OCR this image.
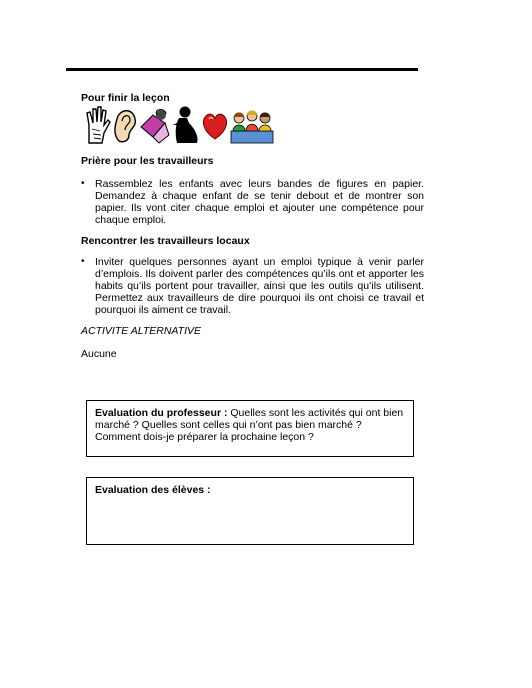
Pour finir la leçon
Prière pour les travailleurs
• Rassemblez les enfants avec leurs bandes de figures en papier. Demandez à chaque enfant de se tenir debout et de montrer son papier. Ils vont citer chaque emploi et ajouter une compétence pour chaque emploi.
Rencontrer les travailleurs locaux
• Inviter quelques personnes ayant un emploi typique à venir parler d’emplois. Ils doivent parler des compétences qu’ils ont et apporter les habits qu’ils portent pour travailler, ainsi que les outils qu’ils utilisent. Permettez aux travailleurs de dire pourquoi ils ont choisi ce travail et pourquoi ils aiment ce travail.
ACTIVITE ALTERNATIVE
Aucune
Evaluation du professeur : Quelles sont les activités qui ont bien marché ? Quelles sont celles qui n’ont pas bien marché ? Comment dois-je préparer la prochaine leçon ?
Evaluation des élèves :
